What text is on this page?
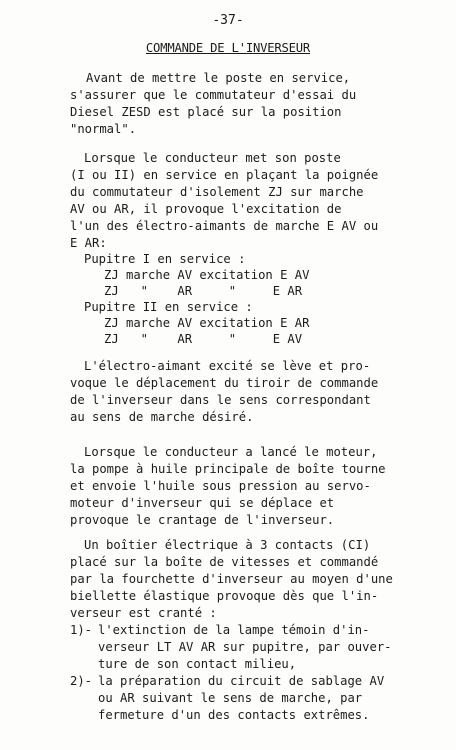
-37-
COMMANDE DE L'INVERSEUR
Avant de mettre le poste en service,
s'assurer que le commutateur d'essai du
Diesel ZESD est placé sur la position
"normal".
Lorsque le conducteur met son poste
(I ou II) en service en plaçant la poignée
du commutateur d'isolement ZJ sur marche
AV ou AR, il provoque l'excitation de
l'un des électro-aimants de marche E AV ou
E AR:
Pupitre I en service :
ZJ marche AV excitation E AV
ZJ   "    AR     "     E AR
Pupitre II en service :
ZJ marche AV excitation E AR
ZJ   "    AR     "     E AV
L'électro-aimant excité se lève et pro-
voque le déplacement du tiroir de commande
de l'inverseur dans le sens correspondant
au sens de marche désiré.
Lorsque le conducteur a lancé le moteur,
la pompe à huile principale de boîte tourne
et envoie l'huile sous pression au servo-
moteur d'inverseur qui se déplace et
provoque le crantage de l'inverseur.
Un boîtier électrique à 3 contacts (CI)
placé sur la boîte de vitesses et commandé
par la fourchette d'inverseur au moyen d'une
biellette élastique provoque dès que l'in-
verseur est cranté :
1)- l'extinction de la lampe témoin d'in-
verseur LT AV AR sur pupitre, par ouver-
ture de son contact milieu,
2)- la préparation du circuit de sablage AV
ou AR suivant le sens de marche, par
fermeture d'un des contacts extrêmes.
